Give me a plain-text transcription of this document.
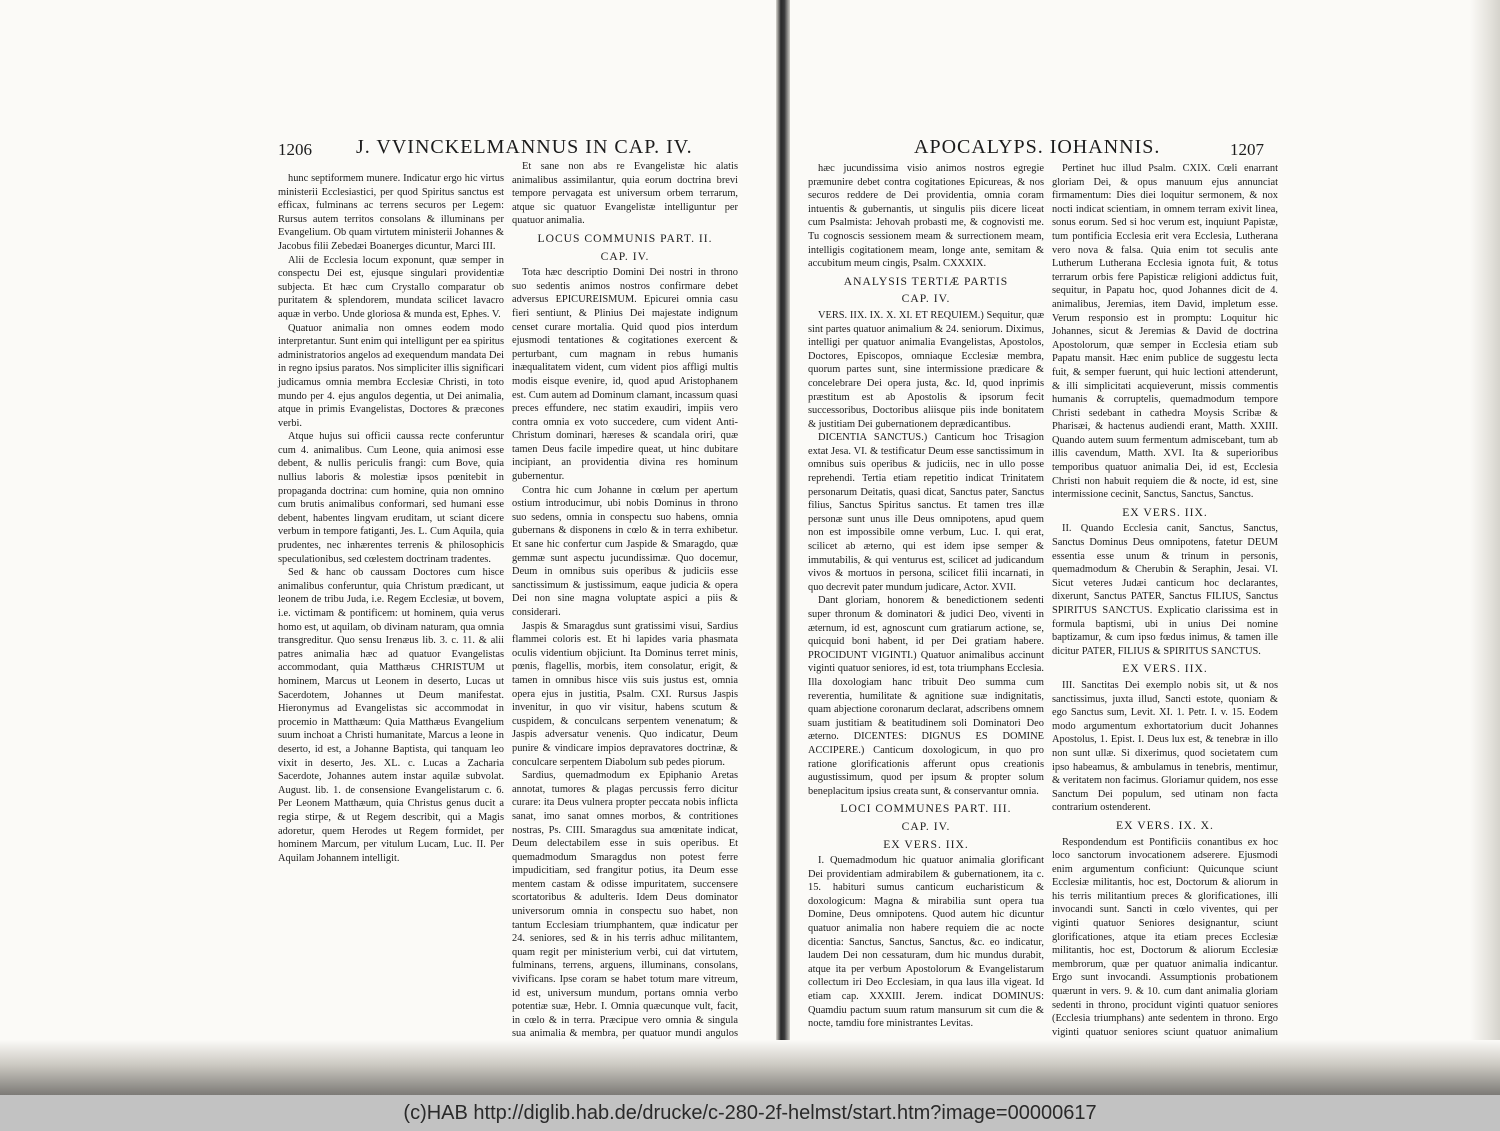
1206 J. VVINCKELMANNUS IN CAP. IV.

hunc septiformem munere. Indicatur ergo hic virtus ministerii Ecclesiastici, per quod Spiritus sanctus est efficax, fulminans ac terrens securos per Legem: Rursus autem territos consolans & illuminans per Evangelium. Ob quam virtutem ministerii Johannes & Jacobus filii Zebedæi Boanerges dicuntur, Marci III.

Alii de Ecclesia locum exponunt, quæ semper in conspectu Dei est, ejusque singulari providentiæ subjecta. Et hæc cum Crystallo comparatur ob puritatem & splendorem, mundata scilicet lavacro aquæ in verbo. Unde gloriosa & munda est, Ephes. V.

Quatuor animalia non omnes eodem modo interpretantur. Sunt enim qui intelligunt per ea spiritus administratorios angelos ad exequendum mandata Dei in regno ipsius paratos. Nos simpliciter illis significari judicamus omnia membra Ecclesiæ Christi, in toto mundo per 4. ejus angulos degentia, ut Dei animalia, atque in primis Evangelistas, Doctores & præcones verbi.

Atque hujus sui officii caussa recte conferuntur cum 4. animalibus. Cum Leone, quia animosi esse debent, & nullis periculis frangi: cum Bove, quia nullius laboris & molestiæ ipsos pœnitebit in propaganda doctrina: cum homine, quia non omnino cum brutis animalibus conformari, sed humani esse debent, habentes lingvam eruditam, ut sciant dicere verbum in tempore fatiganti, Jes. L. Cum Aquila, quia prudentes, nec inhærentes terrenis & philosophicis speculationibus, sed cœlestem doctrinam tradentes.

Sed & hanc ob caussam Doctores cum hisce animalibus conferuntur, quia Christum prædicant, ut leonem de tribu Juda, i.e. Regem Ecclesiæ, ut bovem, i.e. victimam & pontificem: ut hominem, quia verus homo est, ut aquilam, ob divinam naturam, qua omnia transgreditur. Quo sensu Irenæus lib. 3. c. 11. & alii patres animalia hæc ad quatuor Evangelistas accommodant, quia Matthæus CHRISTUM ut hominem, Marcus ut Leonem in deserto, Lucas ut Sacerdotem, Johannes ut Deum manifestat. Hieronymus ad Evangelistas sic accommodat in procemio in Matthæum: Quia Matthæus Evangelium suum inchoat a Christi humanitate, Marcus a leone in deserto, id est, a Johanne Baptista, qui tanquam leo vixit in deserto, Jes. XL. c. Lucas a Zacharia Sacerdote, Johannes autem instar aquilæ subvolat. August. lib. 1. de consensione Evangelistarum c. 6. Per Leonem Matthæum, quia Christus genus ducit a regia stirpe, & ut Regem describit, qui a Magis adoretur, quem Herodes ut Regem formidet, per hominem Marcum, per vitulum Lucam, Luc. II. Per Aquilam Johannem intelligit.

Et sane non abs re Evangelistæ hic alatis animalibus assimilantur, quia eorum doctrina brevi tempore pervagata est universum orbem terrarum, atque sic quatuor Evangelistæ intelliguntur per quatuor animalia.

LOCUS COMMUNIS PART. II.
CAP. IV.

Tota hæc descriptio Domini Dei nostri in throno suo sedentis animos nostros confirmare debet adversus EPICUREISMUM. Epicurei omnia casu fieri sentiunt, & Plinius Dei majestate indignum censet curare mortalia. Quid quod pios interdum ejusmodi tentationes & cogitationes exercent & perturbant, cum magnam in rebus humanis inæqualitatem vident, cum vident pios affligi multis modis eisque evenire, id, quod apud Aristophanem est. Cum autem ad Dominum clamant, incassum quasi preces effundere, nec statim exaudiri, impiis vero contra omnia ex voto succedere, cum vident Anti-Christum dominari, hæreses & scandala oriri, quæ tamen Deus facile impedire queat, ut hinc dubitare incipiant, an providentia divina res hominum gubernentur.

Contra hic cum Johanne in cœlum per apertum ostium introducimur, ubi nobis Dominus in throno suo sedens, omnia in conspectu suo habens, omnia gubernans & disponens in cœlo & in terra exhibetur. Et sane hic confertur cum Jaspide & Smaragdo, quæ gemmæ sunt aspectu jucundissimæ. Quo docemur, Deum in omnibus suis operibus & judiciis esse sanctissimum & justissimum, eaque judicia & opera Dei non sine magna voluptate aspici a piis & considerari.

Jaspis & Smaragdus sunt gratissimi visui, Sardius flammei coloris est. Et hi lapides varia phasmata oculis videntium objiciunt. Ita Dominus terret minis, pœnis, flagellis, morbis, item consolatur, erigit, & tamen in omnibus hisce viis suis justus est, omnia opera ejus in justitia, Psalm. CXI. Rursus Jaspis invenitur, in quo vir visitur, habens scutum & cuspidem, & conculcans serpentem venenatum; & Jaspis adversatur venenis. Quo indicatur, Deum punire & vindicare impios depravatores doctrinæ, & conculcare serpentem Diabolum sub pedes piorum.

Sardius, quemadmodum ex Epiphanio Aretas annotat, tumores & plagas percussis ferro dicitur curare: ita Deus vulnera propter peccata nobis inflicta sanat, imo sanat omnes morbos, & contritiones nostras, Ps. CIII. Smaragdus sua amœnitate indicat, Deum delectabilem esse in suis operibus. Et quemadmodum Smaragdus non potest ferre impudicitiam, sed frangitur potius, ita Deum esse mentem castam & odisse impuritatem, succensere scortatoribus & adulteris. Idem Deus dominator universorum omnia in conspectu suo habet, non tantum Ecclesiam triumphantem, quæ indicatur per 24. seniores, sed & in his terris adhuc militantem, quam regit per ministerium verbi, cui dat virtutem, fulminans, terrens, arguens, illuminans, consolans, vivificans. Ipse coram se habet totum mare vitreum, id est, universum mundum, portans omnia verbo potentiæ suæ, Hebr. I. Omnia quæcunque vult, facit, in cœlo & in terra. Præcipue vero omnia & singula sua animalia & membra, per quatuor mundi angulos

APOCALYPS. IOHANNIS.	1207

hæc jucundissima visio animos nostros egregie præmunire debet contra cogitationes Epicureas, & nos securos reddere de Dei providentia, omnia coram intuentis & gubernantis, ut singulis piis dicere liceat cum Psalmista: Jehovah probasti me, & cognovisti me. Tu cognoscis sessionem meam & surrectionem meam, intelligis cogitationem meam, longe ante, semitam & accubitum meum cingis, Psalm. CXXXIX.

ANALYSIS TERTIÆ PARTIS
CAP. IV.

VERS. IIX. IX. X. XI. ET REQUIEM.) Sequitur, quæ sint partes quatuor animalium & 24. seniorum. Diximus, intelligi per quatuor animalia Evangelistas, Apostolos, Doctores, Episcopos, omniaque Ecclesiæ membra, quorum partes sunt, sine intermissione prædicare & concelebrare Dei opera justa, &c. Id, quod inprimis præstitum est ab Apostolis & ipsorum fecit successoribus, Doctoribus aliisque piis inde bonitatem & justitiam Dei gubernationem deprædicantibus.

DICENTIA SANCTUS.) Canticum hoc Trisagion extat Jesa. VI. & testificatur Deum esse sanctissimum in omnibus suis operibus & judiciis, nec in ullo posse reprehendi. Tertia etiam repetitio indicat Trinitatem personarum Deitatis, quasi dicat, Sanctus pater, Sanctus filius, Sanctus Spiritus sanctus. Et tamen tres illæ personæ sunt unus ille Deus omnipotens, apud quem non est impossibile omne verbum, Luc. I. qui erat, scilicet ab æterno, qui est idem ipse semper & immutabilis, & qui venturus est, scilicet ad judicandum vivos & mortuos in persona, scilicet filii incarnati, in quo decrevit pater mundum judicare, Actor. XVII.

Dant gloriam, honorem & benedictionem sedenti super thronum & dominatori & judici Deo, viventi in æternum, id est, agnoscunt cum gratiarum actione, se, quicquid boni habent, id per Dei gratiam habere. PROCIDUNT VIGINTI.) Quatuor animalibus accinunt viginti quatuor seniores, id est, tota triumphans Ecclesia. Illa doxologiam hanc tribuit Deo summa cum reverentia, humilitate & agnitione suæ indignitatis, quam abjectione coronarum declarat, adscribens omnem suam justitiam & beatitudinem soli Dominatori Deo æterno. DICENTES: DIGNUS ES DOMINE ACCIPERE.) Canticum doxologicum, in quo pro ratione glorificationis afferunt opus creationis augustissimum, quod per ipsum & propter solum beneplacitum ipsius creata sunt, & conservantur omnia.

LOCI COMMUNES PART. III.
CAP. IV.
EX VERS. IIX.

I. Quemadmodum hic quatuor animalia glorificant Dei providentiam admirabilem & gubernationem, ita c. 15. habituri sumus canticum eucharisticum & doxologicum: Magna & mirabilia sunt opera tua Domine, Deus omnipotens. Quod autem hic dicuntur quatuor animalia non habere requiem die ac nocte dicentia: Sanctus, Sanctus, Sanctus, &c. eo indicatur, laudem Dei non cessaturam, dum hic mundus durabit, atque ita per verbum Apostolorum & Evangelistarum collectum iri Deo Ecclesiam, in qua laus illa vigeat. Id etiam cap. XXXIII. Jerem. indicat DOMINUS: Quamdiu pactum suum ratum mansurum sit cum die & nocte, tamdiu fore ministrantes Levitas.

Pertinet huc illud Psalm. CXIX. Cœli enarrant gloriam Dei, & opus manuum ejus annunciat firmamentum: Dies diei loquitur sermonem, & nox nocti indicat scientiam, in omnem terram exivit linea, sonus eorum. Sed si hoc verum est, inquiunt Papistæ, tum pontificia Ecclesia erit vera Ecclesia, Lutherana vero nova & falsa. Quia enim tot seculis ante Lutherum Lutherana Ecclesia ignota fuit, & totus terrarum orbis fere Papisticæ religioni addictus fuit, sequitur, in Papatu hoc, quod Johannes dicit de 4. animalibus, Jeremias, item David, impletum esse. Verum responsio est in promptu: Loquitur hic Johannes, sicut & Jeremias & David de doctrina Apostolorum, quæ semper in Ecclesia etiam sub Papatu mansit. Hæc enim publice de suggestu lecta fuit, & semper fuerunt, qui huic lectioni attenderunt, & illi simplicitati acquieverunt, missis commentis humanis & corruptelis, quemadmodum tempore Christi sedebant in cathedra Moysis Scribæ & Pharisæi, & hactenus audiendi erant, Matth. XXIII. Quando autem suum fermentum admiscebant, tum ab illis cavendum, Matth. XVI. Ita & superioribus temporibus quatuor animalia Dei, id est, Ecclesia Christi non habuit requiem die & nocte, id est, sine intermissione cecinit, Sanctus, Sanctus, Sanctus.

EX VERS. IIX.

II. Quando Ecclesia canit, Sanctus, Sanctus, Sanctus Dominus Deus omnipotens, fatetur DEUM essentia esse unum & trinum in personis, quemadmodum & Cherubin & Seraphin, Jesai. VI. Sicut veteres Judæi canticum hoc declarantes, dixerunt, Sanctus PATER, Sanctus FILIUS, Sanctus SPIRITUS SANCTUS. Explicatio clarissima est in formula baptismi, ubi in unius Dei nomine baptizamur, & cum ipso fœdus inimus, & tamen ille dicitur PATER, FILIUS & SPIRITUS SANCTUS.

EX VERS. IIX.

III. Sanctitas Dei exemplo nobis sit, ut & nos sanctissimus, juxta illud, Sancti estote, quoniam & ego Sanctus sum, Levit. XI. 1. Petr. I. v. 15. Eodem modo argumentum exhortatorium ducit Johannes Apostolus, 1. Epist. I. Deus lux est, & tenebræ in illo non sunt ullæ. Si dixerimus, quod societatem cum ipso habeamus, & ambulamus in tenebris, mentimur, & veritatem non facimus. Gloriamur quidem, nos esse Sanctum Dei populum, sed utinam non facta contrarium ostenderent.

EX VERS. IX. X.

Respondendum est Pontificiis conantibus ex hoc loco sanctorum invocationem adserere. Ejusmodi enim argumentum conficiunt: Quicunque sciunt Ecclesiæ militantis, hoc est, Doctorum & aliorum in his terris militantium preces & glorificationes, illi invocandi sunt. Sancti in cœlo viventes, qui per viginti quatuor Seniores designantur, sciunt glorificationes, atque ita etiam preces Ecclesiæ militantis, hoc est, Doctorum & aliorum Ecclesiæ membrorum, quæ per quatuor animalia indicantur. Ergo sunt invocandi. Assumptionis probationem quærunt in vers. 9. & 10. cum dant animalia gloriam sedenti in throno, procidunt viginti quatuor seniores (Ecclesia triumphans) ante sedentem in throno. Ergo viginti quatuor seniores sciunt quatuor animalium

(c)HAB http://diglib.hab.de/drucke/c-280-2f-helmst/start.htm?image=00000617
